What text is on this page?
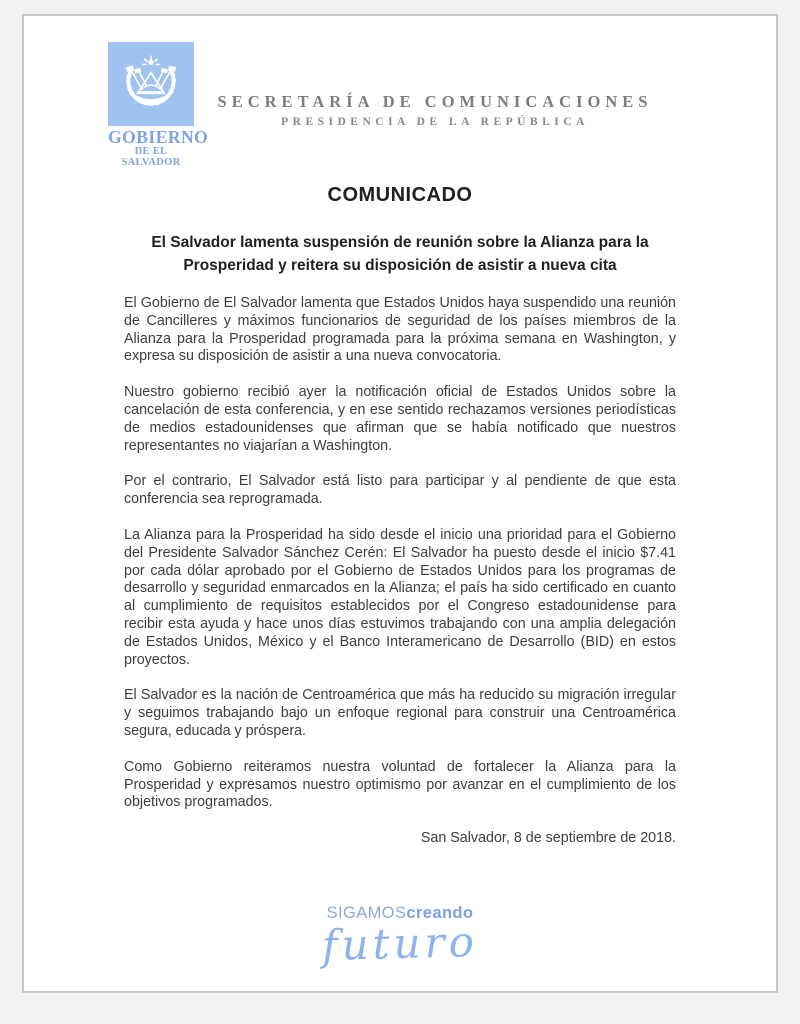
GOBIERNO
DE EL SALVADOR
SECRETARÍA DE COMUNICACIONES
PRESIDENCIA DE LA REPÚBLICA
COMUNICADO
El Salvador lamenta suspensión de reunión sobre la Alianza para la Prosperidad y reitera su disposición de asistir a nueva cita

El Gobierno de El Salvador lamenta que Estados Unidos haya suspendido una reunión de Cancilleres y máximos funcionarios de seguridad de los países miembros de la Alianza para la Prosperidad programada para la próxima semana en Washington, y expresa su disposición de asistir a una nueva convocatoria.

Nuestro gobierno recibió ayer la notificación oficial de Estados Unidos sobre la cancelación de esta conferencia, y en ese sentido rechazamos versiones periodísticas de medios estadounidenses que afirman que se había notificado que nuestros representantes no viajarían a Washington.

Por el contrario, El Salvador está listo para participar y al pendiente de que esta conferencia sea reprogramada.

La Alianza para la Prosperidad ha sido desde el inicio una prioridad para el Gobierno del Presidente Salvador Sánchez Cerén: El Salvador ha puesto desde el inicio $7.41 por cada dólar aprobado por el Gobierno de Estados Unidos para los programas de desarrollo y seguridad enmarcados en la Alianza; el país ha sido certificado en cuanto al cumplimiento de requisitos establecidos por el Congreso estadounidense para recibir esta ayuda y hace unos días estuvimos trabajando con una amplia delegación de Estados Unidos, México y el Banco Interamericano de Desarrollo (BID) en estos proyectos.

El Salvador es la nación de Centroamérica que más ha reducido su migración irregular y seguimos trabajando bajo un enfoque regional para construir una Centroamérica segura, educada y próspera.

Como Gobierno reiteramos nuestra voluntad de fortalecer la Alianza para la Prosperidad y expresamos nuestro optimismo por avanzar en el cumplimiento de los objetivos programados.

San Salvador, 8 de septiembre de 2018.

SIGAMOScreando
futuro
